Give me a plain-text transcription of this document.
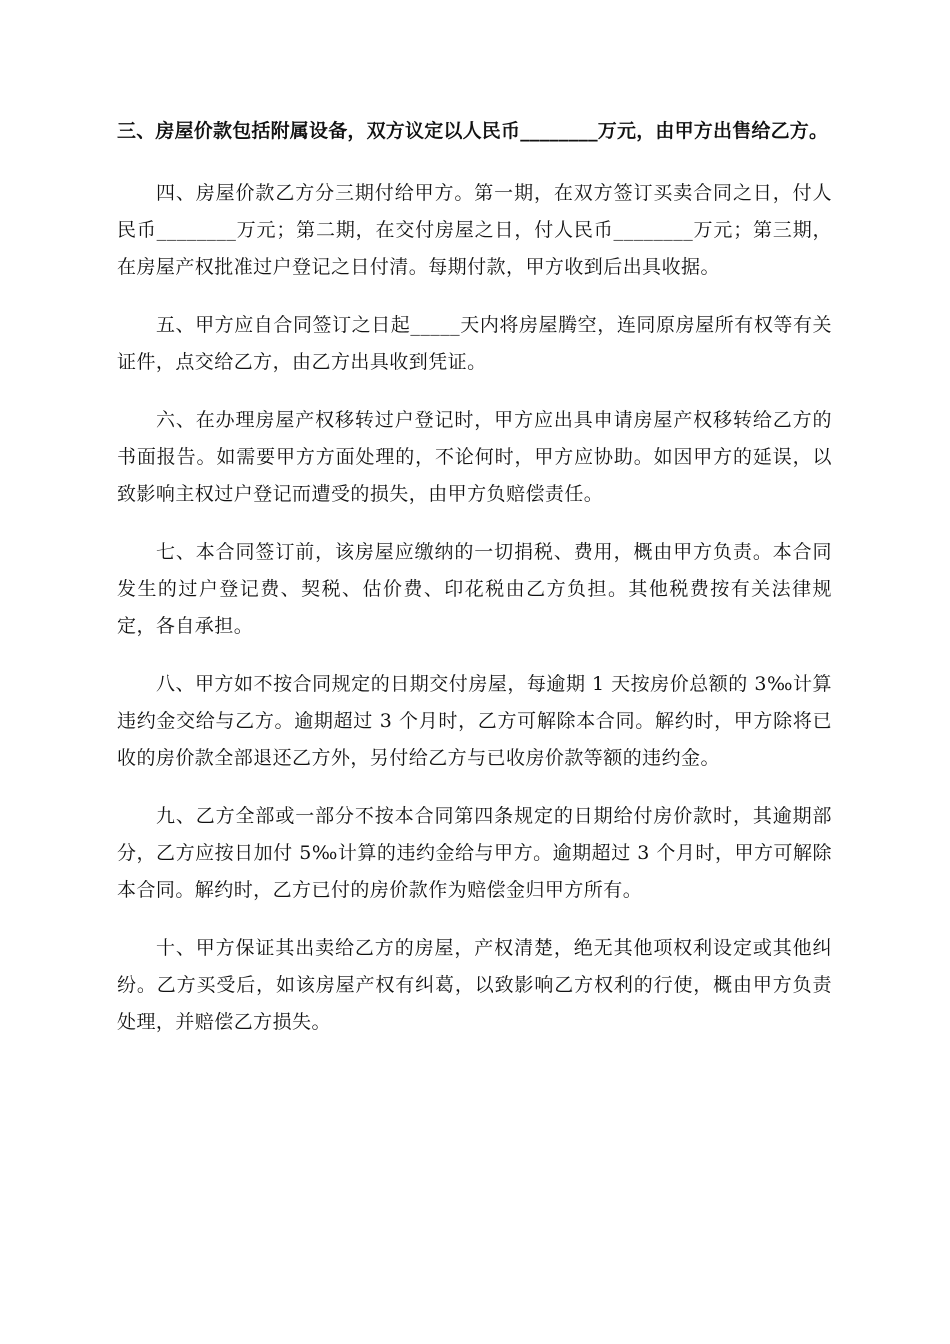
三、房屋价款包括附属设备，双方议定以人民币________万元，由甲方出售给乙方。

四、房屋价款乙方分三期付给甲方。第一期，在双方签订买卖合同之日，付人民币________万元；第二期，在交付房屋之日，付人民币________万元；第三期，在房屋产权批准过户登记之日付清。每期付款，甲方收到后出具收据。

五、甲方应自合同签订之日起_____天内将房屋腾空，连同原房屋所有权等有关证件，点交给乙方，由乙方出具收到凭证。

六、在办理房屋产权移转过户登记时，甲方应出具申请房屋产权移转给乙方的书面报告。如需要甲方方面处理的，不论何时，甲方应协助。如因甲方的延误，以致影响主权过户登记而遭受的损失，由甲方负赔偿责任。

七、本合同签订前，该房屋应缴纳的一切捐税、费用，概由甲方负责。本合同发生的过户登记费、契税、估价费、印花税由乙方负担。其他税费按有关法律规定，各自承担。

八、甲方如不按合同规定的日期交付房屋，每逾期 1 天按房价总额的 3‰计算违约金交给与乙方。逾期超过 3 个月时，乙方可解除本合同。解约时，甲方除将已收的房价款全部退还乙方外，另付给乙方与已收房价款等额的违约金。

九、乙方全部或一部分不按本合同第四条规定的日期给付房价款时，其逾期部分，乙方应按日加付 5‰计算的违约金给与甲方。逾期超过 3 个月时，甲方可解除本合同。解约时，乙方已付的房价款作为赔偿金归甲方所有。

十、甲方保证其出卖给乙方的房屋，产权清楚，绝无其他项权利设定或其他纠纷。乙方买受后，如该房屋产权有纠葛，以致影响乙方权利的行使，概由甲方负责处理，并赔偿乙方损失。
